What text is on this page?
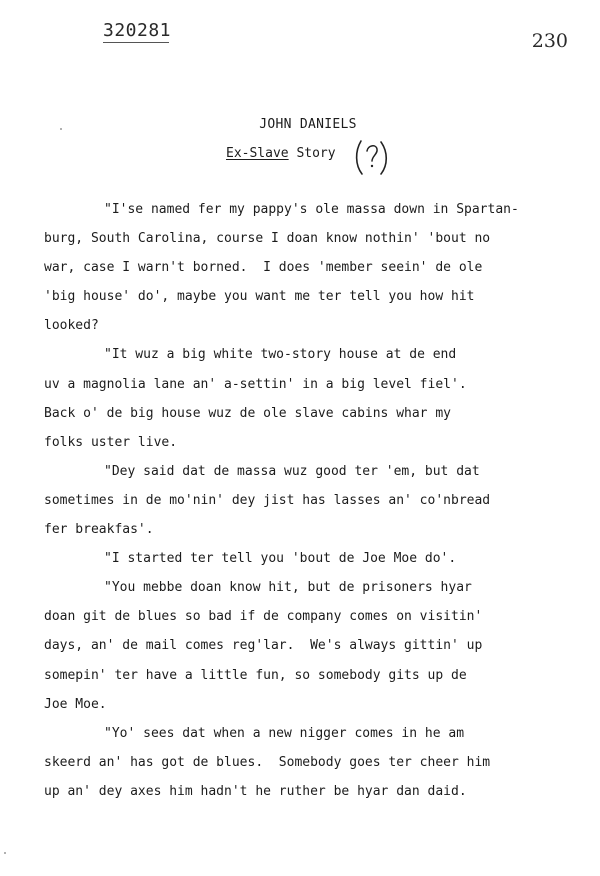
320281	230
JOHN DANIELS
Ex-Slave Story

"I'se named fer my pappy's ole massa down in Spartan-
burg, South Carolina, course I doan know nothin' 'bout no
war, case I warn't borned.  I does 'member seein' de ole
'big house' do', maybe you want me ter tell you how hit
looked?

"It wuz a big white two-story house at de end
uv a magnolia lane an' a-settin' in a big level fiel'.
Back o' de big house wuz de ole slave cabins whar my
folks uster live.

"Dey said dat de massa wuz good ter 'em, but dat
sometimes in de mo'nin' dey jist has lasses an' co'nbread
fer breakfas'.

"I started ter tell you 'bout de Joe Moe do'.

"You mebbe doan know hit, but de prisoners hyar
doan git de blues so bad if de company comes on visitin'
days, an' de mail comes reg'lar.  We's always gittin' up
somepin' ter have a little fun, so somebody gits up de
Joe Moe.

"Yo' sees dat when a new nigger comes in he am
skeerd an' has got de blues.  Somebody goes ter cheer him
up an' dey axes him hadn't he ruther be hyar dan daid.
